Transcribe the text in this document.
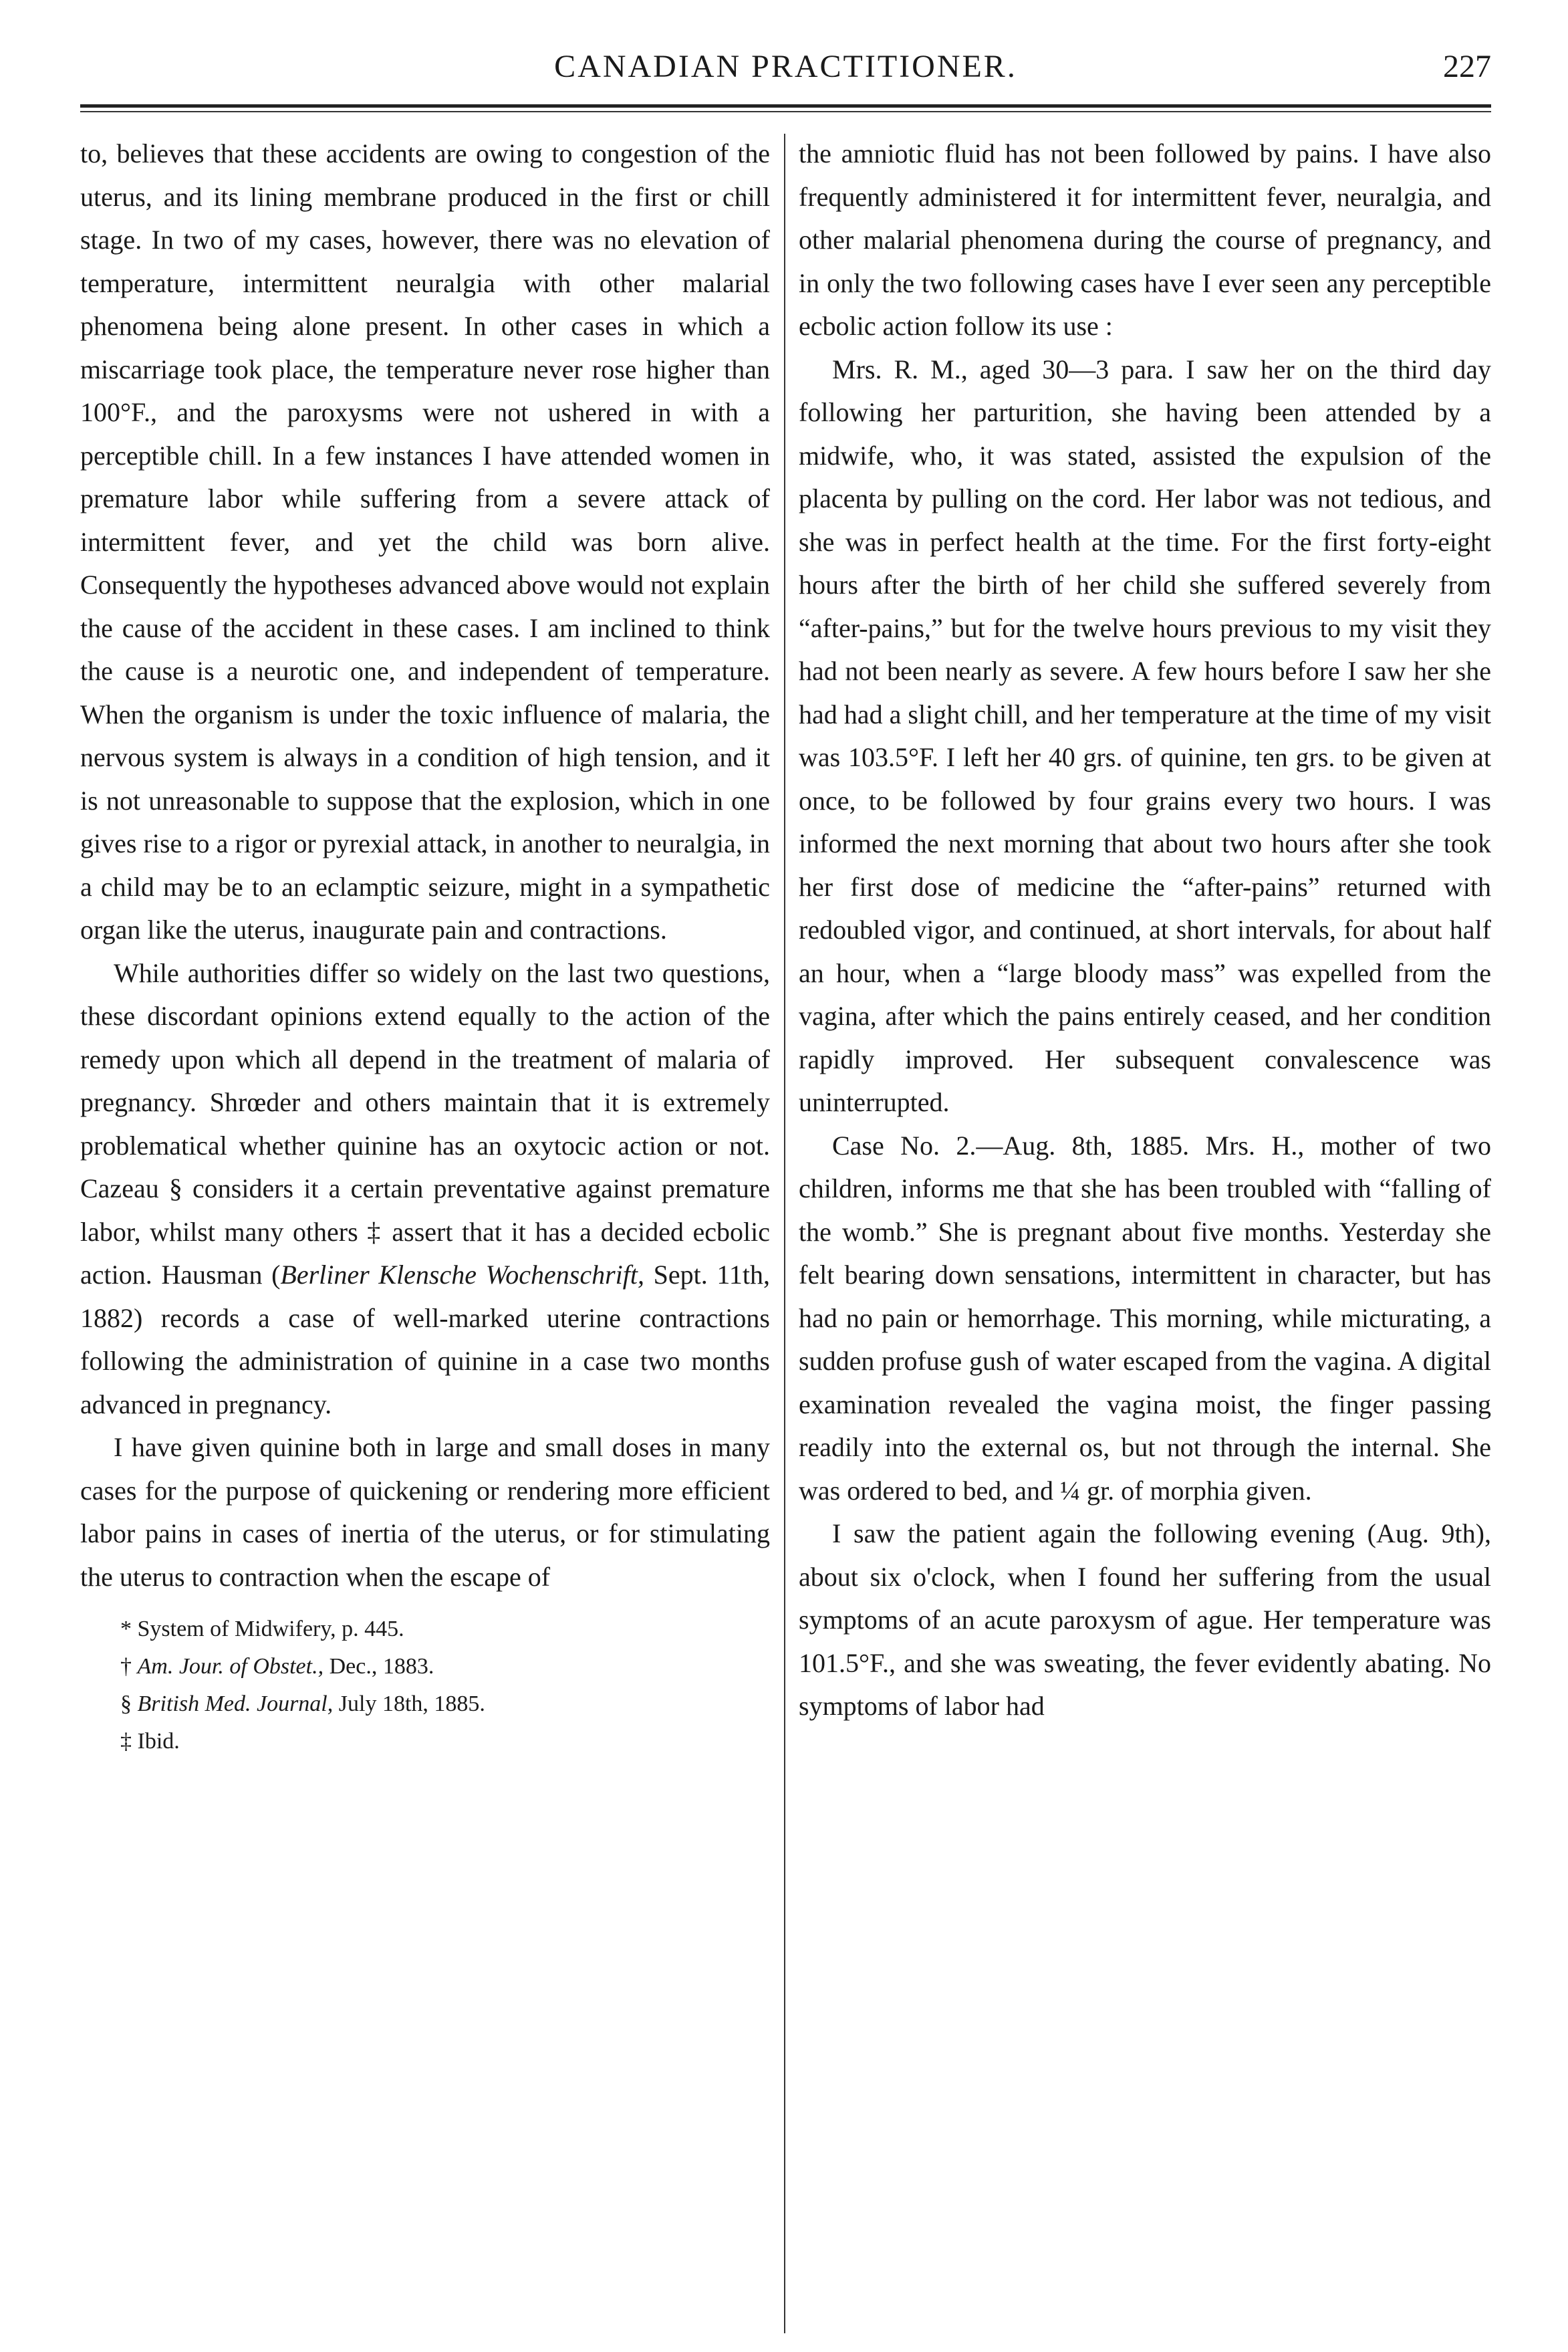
CANADIAN PRACTITIONER.	227

to, believes that these accidents are owing to congestion of the uterus, and its lining membrane produced in the first or chill stage. In two of my cases, however, there was no elevation of temperature, intermittent neuralgia with other malarial phenomena being alone present. In other cases in which a miscarriage took place, the temperature never rose higher than 100°F., and the paroxysms were not ushered in with a perceptible chill. In a few instances I have attended women in premature labor while suffering from a severe attack of intermittent fever, and yet the child was born alive. Consequently the hypotheses advanced above would not explain the cause of the accident in these cases. I am inclined to think the cause is a neurotic one, and independent of temperature. When the organism is under the toxic influence of malaria, the nervous system is always in a condition of high tension, and it is not unreasonable to suppose that the explosion, which in one gives rise to a rigor or pyrexial attack, in another to neuralgia, in a child may be to an eclamptic seizure, might in a sympathetic organ like the uterus, inaugurate pain and contractions.

While authorities differ so widely on the last two questions, these discordant opinions extend equally to the action of the remedy upon which all depend in the treatment of malaria of pregnancy. Shrœder and others maintain that it is extremely problematical whether quinine has an oxytocic action or not. Cazeau § considers it a certain preventative against premature labor, whilst many others ‡ assert that it has a decided ecbolic action. Hausman (Berliner Klensche Wochenschrift, Sept. 11th, 1882) records a case of well-marked uterine contractions following the administration of quinine in a case two months advanced in pregnancy.

I have given quinine both in large and small doses in many cases for the purpose of quickening or rendering more efficient labor pains in cases of inertia of the uterus, or for stimulating the uterus to contraction when the escape of

* System of Midwifery, p. 445.
† Am. Jour. of Obstet., Dec., 1883.
§ British Med. Journal, July 18th, 1885.
‡ Ibid.

the amniotic fluid has not been followed by pains. I have also frequently administered it for intermittent fever, neuralgia, and other malarial phenomena during the course of pregnancy, and in only the two following cases have I ever seen any perceptible ecbolic action follow its use :

Mrs. R. M., aged 30—3 para. I saw her on the third day following her parturition, she having been attended by a midwife, who, it was stated, assisted the expulsion of the placenta by pulling on the cord. Her labor was not tedious, and she was in perfect health at the time. For the first forty-eight hours after the birth of her child she suffered severely from “after-pains,” but for the twelve hours previous to my visit they had not been nearly as severe. A few hours before I saw her she had had a slight chill, and her temperature at the time of my visit was 103.5°F. I left her 40 grs. of quinine, ten grs. to be given at once, to be followed by four grains every two hours. I was informed the next morning that about two hours after she took her first dose of medicine the “after-pains” returned with redoubled vigor, and continued, at short intervals, for about half an hour, when a “large bloody mass” was expelled from the vagina, after which the pains entirely ceased, and her condition rapidly improved. Her subsequent convalescence was uninterrupted.

Case No. 2.—Aug. 8th, 1885. Mrs. H., mother of two children, informs me that she has been troubled with “falling of the womb.” She is pregnant about five months. Yesterday she felt bearing down sensations, intermittent in character, but has had no pain or hemorrhage. This morning, while micturating, a sudden profuse gush of water escaped from the vagina. A digital examination revealed the vagina moist, the finger passing readily into the external os, but not through the internal. She was ordered to bed, and ¼ gr. of morphia given.

I saw the patient again the following evening (Aug. 9th), about six o'clock, when I found her suffering from the usual symptoms of an acute paroxysm of ague. Her temperature was 101.5°F., and she was sweating, the fever evidently abating. No symptoms of labor had
